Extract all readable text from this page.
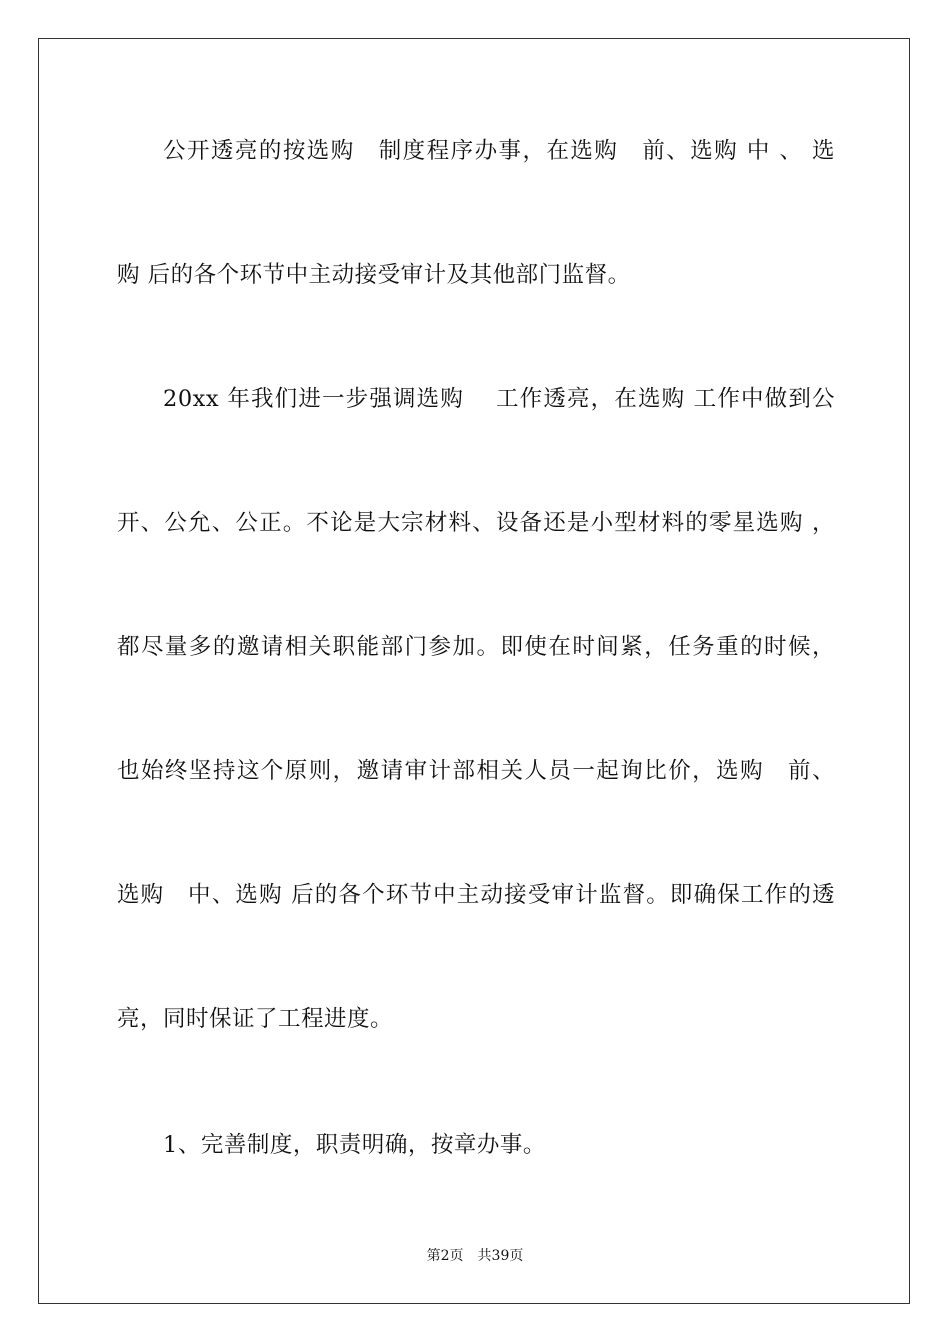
公开透亮的按选购　制度程序办事，在选购　前、选购 中 、 选
购 后的各个环节中主动接受审计及其他部门监督。
20xx 年我们进一步强调选购　 工作透亮，在选购 工作中做到公
开、公允、公正。不论是大宗材料、设备还是小型材料的零星选购 ，
都尽量多的邀请相关职能部门参加。即使在时间紧，任务重的时候，
也始终坚持这个原则，邀请审计部相关人员一起询比价，选购　前、
选购　中、选购 后的各个环节中主动接受审计监督。即确保工作的透
亮，同时保证了工程进度。
1、完善制度，职责明确，按章办事。
第2页 共39页
